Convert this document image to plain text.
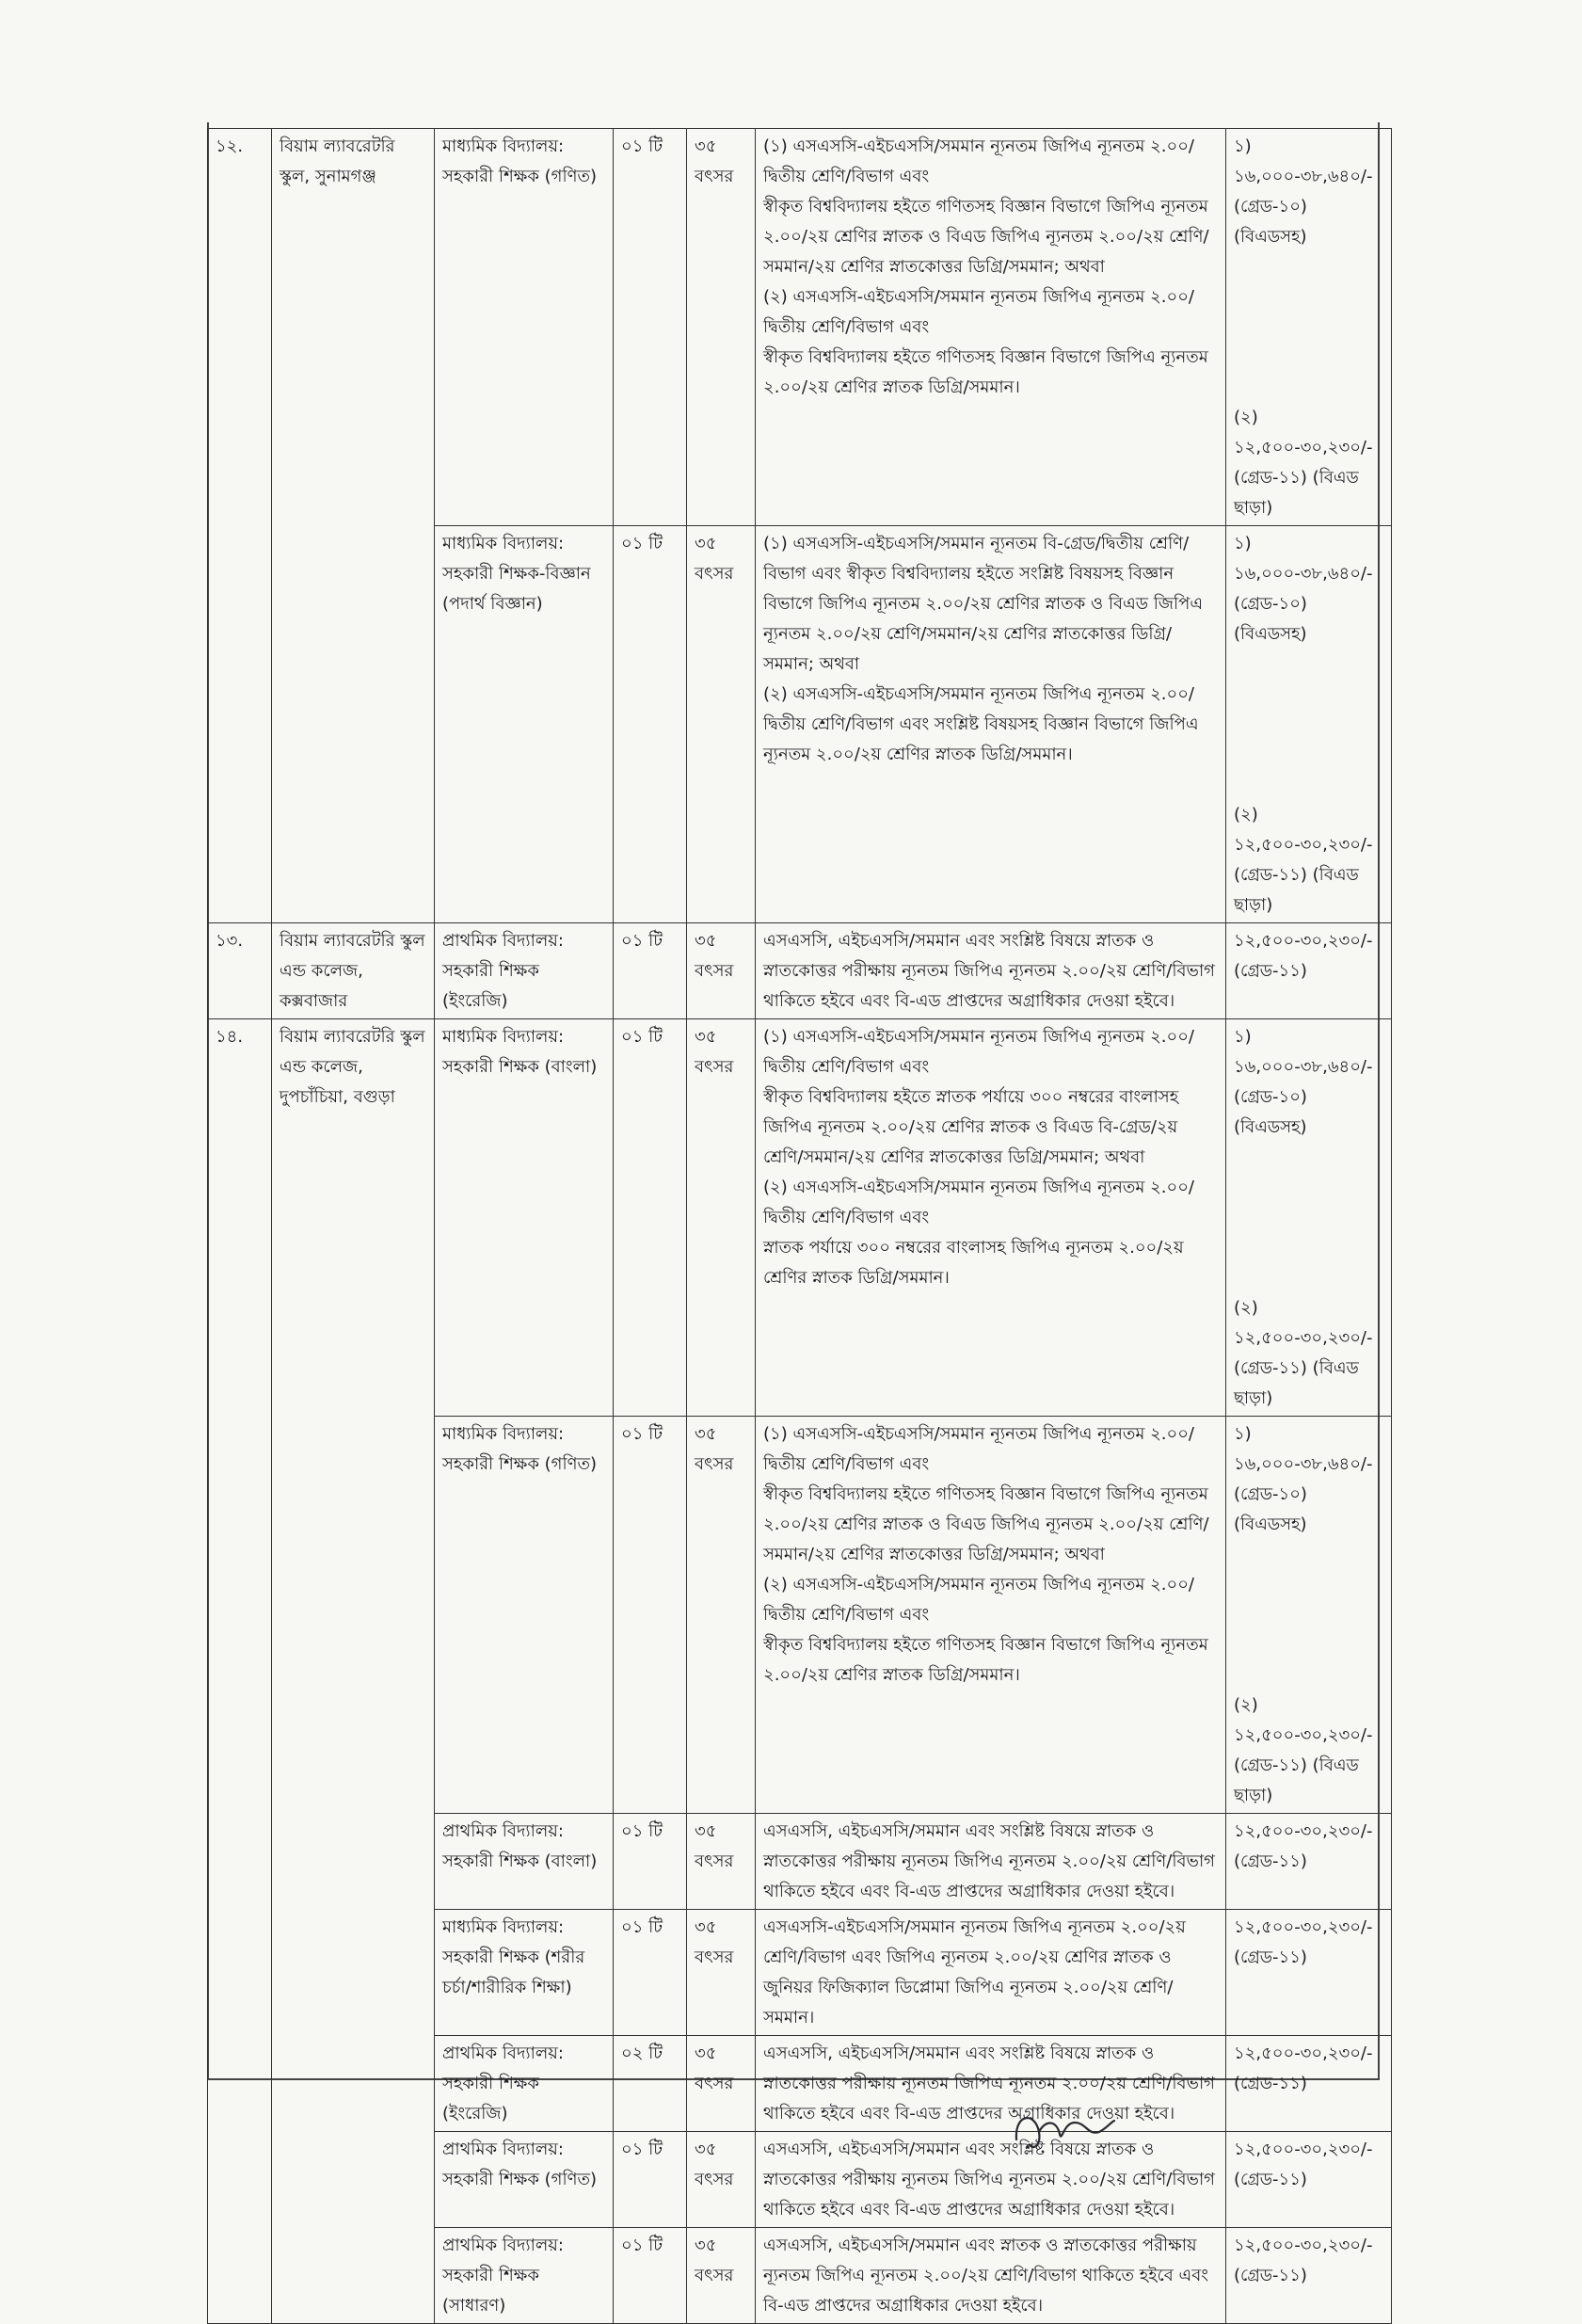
১২.	বিয়াম ল্যাবরেটরি স্কুল, সুনামগঞ্জ	মাধ্যমিক বিদ্যালয়: সহকারী শিক্ষক (গণিত)	০১ টি	৩৫ বৎসর	(১) এসএসসি-এইচএসসি/সমমান ন্যূনতম জিপিএ ন্যূনতম ২.০০/দ্বিতীয় শ্রেণি/বিভাগ এবং
স্বীকৃত বিশ্ববিদ্যালয় হইতে গণিতসহ বিজ্ঞান বিভাগে জিপিএ ন্যূনতম ২.০০/২য় শ্রেণির স্নাতক ও বিএড জিপিএ ন্যূনতম ২.০০/২য় শ্রেণি/সমমান/২য় শ্রেণির স্নাতকোত্তর ডিগ্রি/সমমান; অথবা
(২) এসএসসি-এইচএসসি/সমমান ন্যূনতম জিপিএ ন্যূনতম ২.০০/দ্বিতীয় শ্রেণি/বিভাগ এবং
স্বীকৃত বিশ্ববিদ্যালয় হইতে গণিতসহ বিজ্ঞান বিভাগে জিপিএ ন্যূনতম ২.০০/২য় শ্রেণির স্নাতক ডিগ্রি/সমমান।	১) ১৬,০০০-৩৮,৬৪০/- (গ্রেড-১০) (বিএডসহ)
(২) ১২,৫০০-৩০,২৩০/- (গ্রেড-১১) (বিএড ছাড়া)

		মাধ্যমিক বিদ্যালয়: সহকারী শিক্ষক-বিজ্ঞান (পদার্থ বিজ্ঞান)	০১ টি	৩৫ বৎসর	(১) এসএসসি-এইচএসসি/সমমান ন্যূনতম বি-গ্রেড/দ্বিতীয় শ্রেণি/বিভাগ এবং স্বীকৃত বিশ্ববিদ্যালয় হইতে সংশ্লিষ্ট বিষয়সহ বিজ্ঞান বিভাগে জিপিএ ন্যূনতম ২.০০/২য় শ্রেণির স্নাতক ও বিএড জিপিএ ন্যূনতম ২.০০/২য় শ্রেণি/সমমান/২য় শ্রেণির স্নাতকোত্তর ডিগ্রি/সমমান; অথবা
(২) এসএসসি-এইচএসসি/সমমান ন্যূনতম জিপিএ ন্যূনতম ২.০০/দ্বিতীয় শ্রেণি/বিভাগ এবং সংশ্লিষ্ট বিষয়সহ বিজ্ঞান বিভাগে জিপিএ ন্যূনতম ২.০০/২য় শ্রেণির স্নাতক ডিগ্রি/সমমান।	১) ১৬,০০০-৩৮,৬৪০/- (গ্রেড-১০) (বিএডসহ)
(২) ১২,৫০০-৩০,২৩০/- (গ্রেড-১১) (বিএড ছাড়া)

১৩.	বিয়াম ল্যাবরেটরি স্কুল এন্ড কলেজ, কক্সবাজার	প্রাথমিক বিদ্যালয়: সহকারী শিক্ষক (ইংরেজি)	০১ টি	৩৫ বৎসর	এসএসসি, এইচএসসি/সমমান এবং সংশ্লিষ্ট বিষয়ে স্নাতক ও স্নাতকোত্তর পরীক্ষায় ন্যূনতম জিপিএ ন্যূনতম ২.০০/২য় শ্রেণি/বিভাগ থাকিতে হইবে এবং বি-এড প্রাপ্তদের অগ্রাধিকার দেওয়া হইবে।	১২,৫০০-৩০,২৩০/- (গ্রেড-১১)

১৪.	বিয়াম ল্যাবরেটরি স্কুল এন্ড কলেজ, দুপচাঁচিয়া, বগুড়া	মাধ্যমিক বিদ্যালয়: সহকারী শিক্ষক (বাংলা)	০১ টি	৩৫ বৎসর	(১) এসএসসি-এইচএসসি/সমমান ন্যূনতম জিপিএ ন্যূনতম ২.০০/দ্বিতীয় শ্রেণি/বিভাগ এবং
স্বীকৃত বিশ্ববিদ্যালয় হইতে স্নাতক পর্যায়ে ৩০০ নম্বরের বাংলাসহ জিপিএ ন্যূনতম ২.০০/২য় শ্রেণির স্নাতক ও বিএড বি-গ্রেড/২য় শ্রেণি/সমমান/২য় শ্রেণির স্নাতকোত্তর ডিগ্রি/সমমান; অথবা
(২) এসএসসি-এইচএসসি/সমমান ন্যূনতম জিপিএ ন্যূনতম ২.০০/দ্বিতীয় শ্রেণি/বিভাগ এবং
স্নাতক পর্যায়ে ৩০০ নম্বরের বাংলাসহ জিপিএ ন্যূনতম ২.০০/২য় শ্রেণির স্নাতক ডিগ্রি/সমমান।	১) ১৬,০০০-৩৮,৬৪০/- (গ্রেড-১০) (বিএডসহ)
(২) ১২,৫০০-৩০,২৩০/- (গ্রেড-১১) (বিএড ছাড়া)

		মাধ্যমিক বিদ্যালয়: সহকারী শিক্ষক (গণিত)	০১ টি	৩৫ বৎসর	(১) এসএসসি-এইচএসসি/সমমান ন্যূনতম জিপিএ ন্যূনতম ২.০০/দ্বিতীয় শ্রেণি/বিভাগ এবং
স্বীকৃত বিশ্ববিদ্যালয় হইতে গণিতসহ বিজ্ঞান বিভাগে জিপিএ ন্যূনতম ২.০০/২য় শ্রেণির স্নাতক ও বিএড জিপিএ ন্যূনতম ২.০০/২য় শ্রেণি/সমমান/২য় শ্রেণির স্নাতকোত্তর ডিগ্রি/সমমান; অথবা
(২) এসএসসি-এইচএসসি/সমমান ন্যূনতম জিপিএ ন্যূনতম ২.০০/দ্বিতীয় শ্রেণি/বিভাগ এবং
স্বীকৃত বিশ্ববিদ্যালয় হইতে গণিতসহ বিজ্ঞান বিভাগে জিপিএ ন্যূনতম ২.০০/২য় শ্রেণির স্নাতক ডিগ্রি/সমমান।	১) ১৬,০০০-৩৮,৬৪০/- (গ্রেড-১০) (বিএডসহ)
(২) ১২,৫০০-৩০,২৩০/- (গ্রেড-১১) (বিএড ছাড়া)

		প্রাথমিক বিদ্যালয়: সহকারী শিক্ষক (বাংলা)	০১ টি	৩৫ বৎসর	এসএসসি, এইচএসসি/সমমান এবং সংশ্লিষ্ট বিষয়ে স্নাতক ও স্নাতকোত্তর পরীক্ষায় ন্যূনতম জিপিএ ন্যূনতম ২.০০/২য় শ্রেণি/বিভাগ থাকিতে হইবে এবং বি-এড প্রাপ্তদের অগ্রাধিকার দেওয়া হইবে।	১২,৫০০-৩০,২৩০/- (গ্রেড-১১)

		মাধ্যমিক বিদ্যালয়: সহকারী শিক্ষক (শরীর চর্চা/শারীরিক শিক্ষা)	০১ টি	৩৫ বৎসর	এসএসসি-এইচএসসি/সমমান ন্যূনতম জিপিএ ন্যূনতম ২.০০/২য় শ্রেণি/বিভাগ এবং জিপিএ ন্যূনতম ২.০০/২য় শ্রেণির স্নাতক ও জুনিয়র ফিজিক্যাল ডিপ্লোমা জিপিএ ন্যূনতম ২.০০/২য় শ্রেণি/সমমান।	১২,৫০০-৩০,২৩০/- (গ্রেড-১১)

		প্রাথমিক বিদ্যালয়: সহকারী শিক্ষক (ইংরেজি)	০২ টি	৩৫ বৎসর	এসএসসি, এইচএসসি/সমমান এবং সংশ্লিষ্ট বিষয়ে স্নাতক ও স্নাতকোত্তর পরীক্ষায় ন্যূনতম জিপিএ ন্যূনতম ২.০০/২য় শ্রেণি/বিভাগ থাকিতে হইবে এবং বি-এড প্রাপ্তদের অগ্রাধিকার দেওয়া হইবে।	১২,৫০০-৩০,২৩০/- (গ্রেড-১১)

		প্রাথমিক বিদ্যালয়: সহকারী শিক্ষক (গণিত)	০১ টি	৩৫ বৎসর	এসএসসি, এইচএসসি/সমমান এবং সংশ্লিষ্ট বিষয়ে স্নাতক ও স্নাতকোত্তর পরীক্ষায় ন্যূনতম জিপিএ ন্যূনতম ২.০০/২য় শ্রেণি/বিভাগ থাকিতে হইবে এবং বি-এড প্রাপ্তদের অগ্রাধিকার দেওয়া হইবে।	১২,৫০০-৩০,২৩০/- (গ্রেড-১১)

		প্রাথমিক বিদ্যালয়: সহকারী শিক্ষক (সাধারণ)	০১ টি	৩৫ বৎসর	এসএসসি, এইচএসসি/সমমান এবং স্নাতক ও স্নাতকোত্তর পরীক্ষায় ন্যূনতম জিপিএ ন্যূনতম ২.০০/২য় শ্রেণি/বিভাগ থাকিতে হইবে এবং বি-এড প্রাপ্তদের অগ্রাধিকার দেওয়া হইবে।	১২,৫০০-৩০,২৩০/- (গ্রেড-১১)
